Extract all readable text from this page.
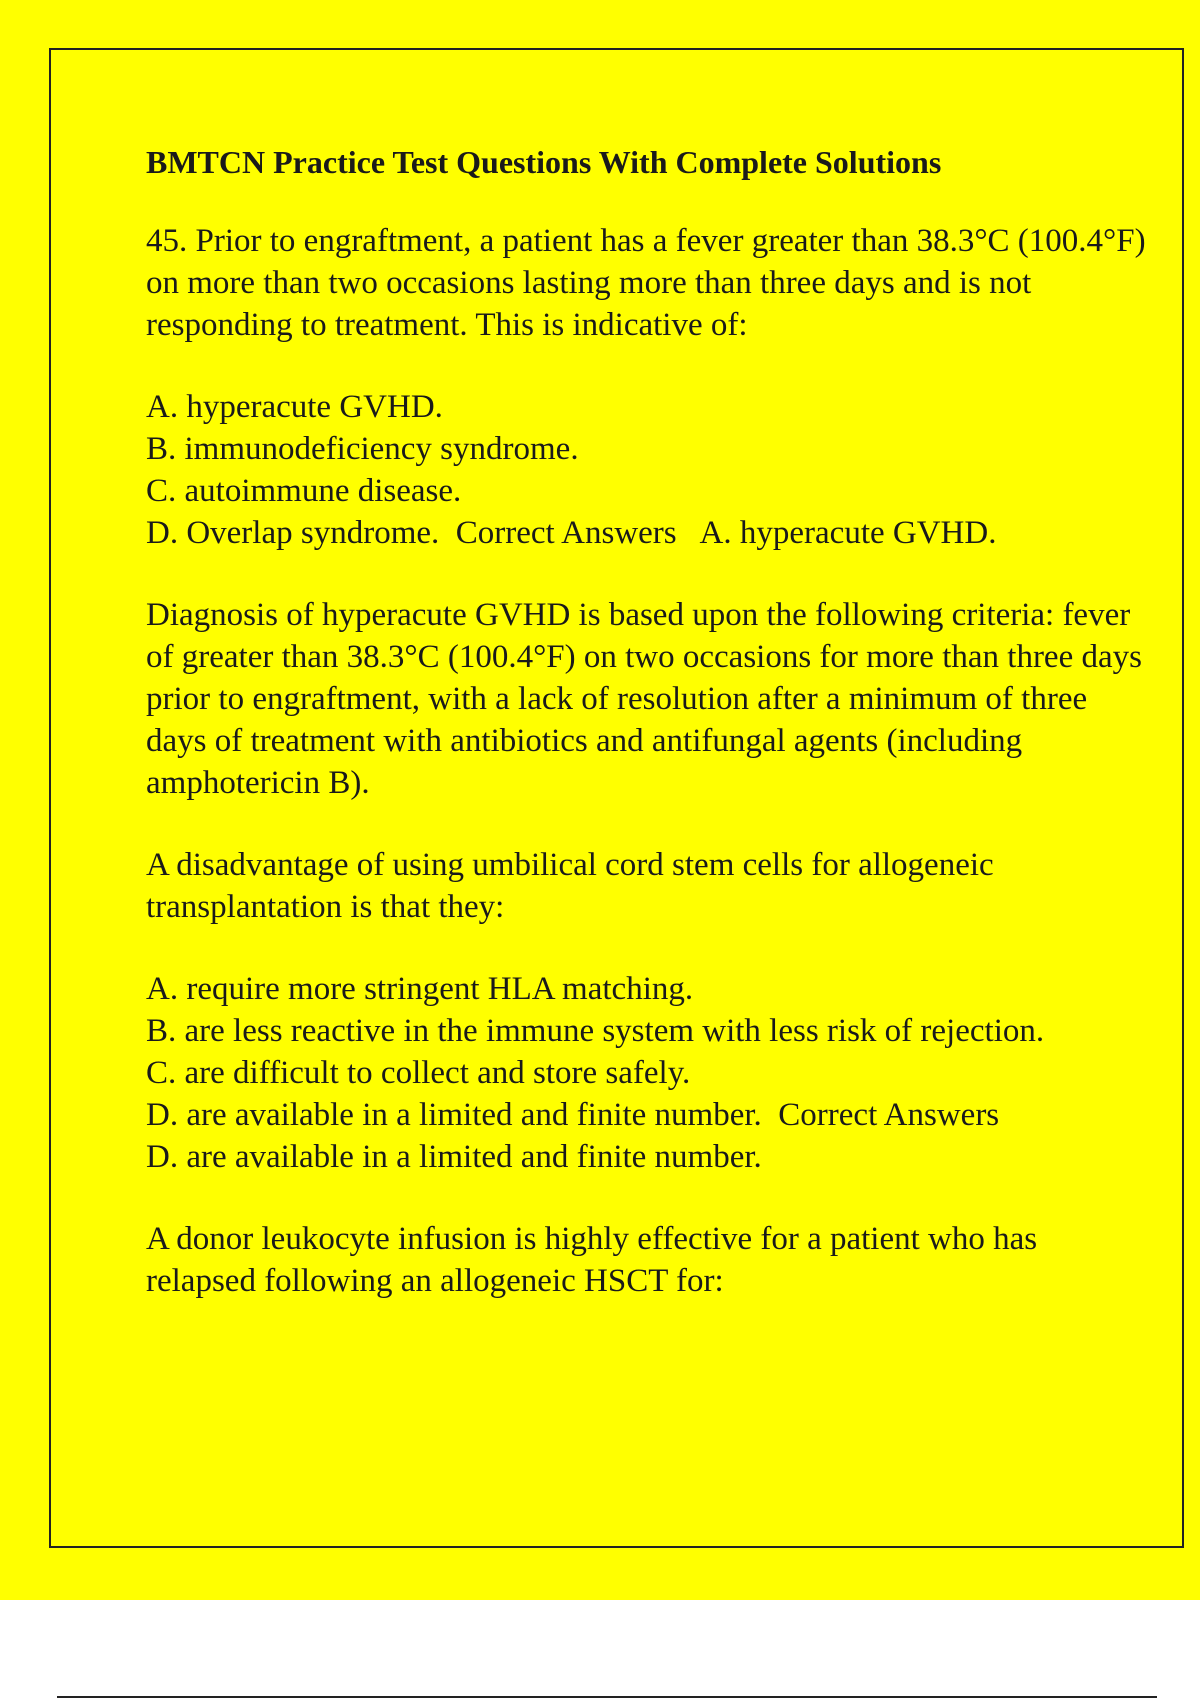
BMTCN Practice Test Questions With Complete Solutions
45. Prior to engraftment, a patient has a fever greater than 38.3°C (100.4°F) on more than two occasions lasting more than three days and is not responding to treatment. This is indicative of:
A. hyperacute GVHD.
B. immunodeficiency syndrome.
C. autoimmune disease.
D. Overlap syndrome.  Correct Answers   A. hyperacute GVHD.
Diagnosis of hyperacute GVHD is based upon the following criteria: fever of greater than 38.3°C (100.4°F) on two occasions for more than three days prior to engraftment, with a lack of resolution after a minimum of three days of treatment with antibiotics and antifungal agents (including amphotericin B).
A disadvantage of using umbilical cord stem cells for allogeneic transplantation is that they:
A. require more stringent HLA matching.
B. are less reactive in the immune system with less risk of rejection.
C. are difficult to collect and store safely.
D. are available in a limited and finite number.  Correct Answers
D. are available in a limited and finite number.
A donor leukocyte infusion is highly effective for a patient who has relapsed following an allogeneic HSCT for:
